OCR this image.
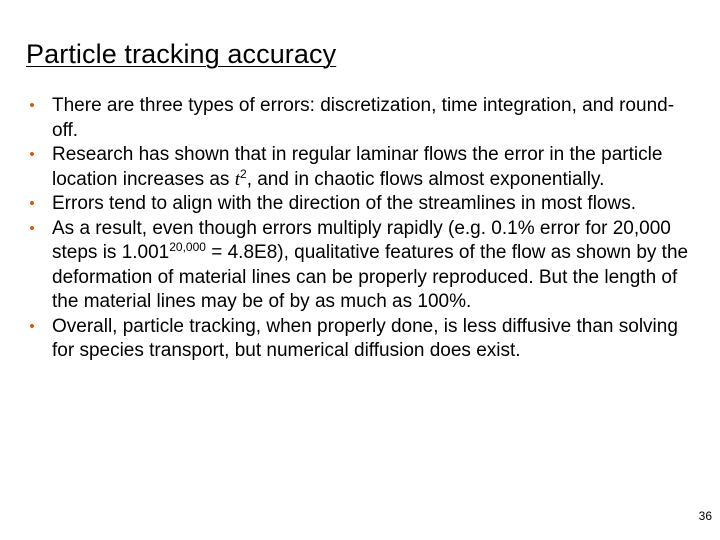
Particle tracking accuracy
• There are three types of errors: discretization, time integration, and round-off.
• Research has shown that in regular laminar flows the error in the particle location increases as $t^2$, and in chaotic flows almost exponentially.
• Errors tend to align with the direction of the streamlines in most flows.
• As a result, even though errors multiply rapidly (e.g. 0.1% error for 20,000 steps is $1.001^{20,000} = 4.8E8$), qualitative features of the flow as shown by the deformation of material lines can be properly reproduced. But the length of the material lines may be of by as much as 100%.
• Overall, particle tracking, when properly done, is less diffusive than solving for species transport, but numerical diffusion does exist.
36
